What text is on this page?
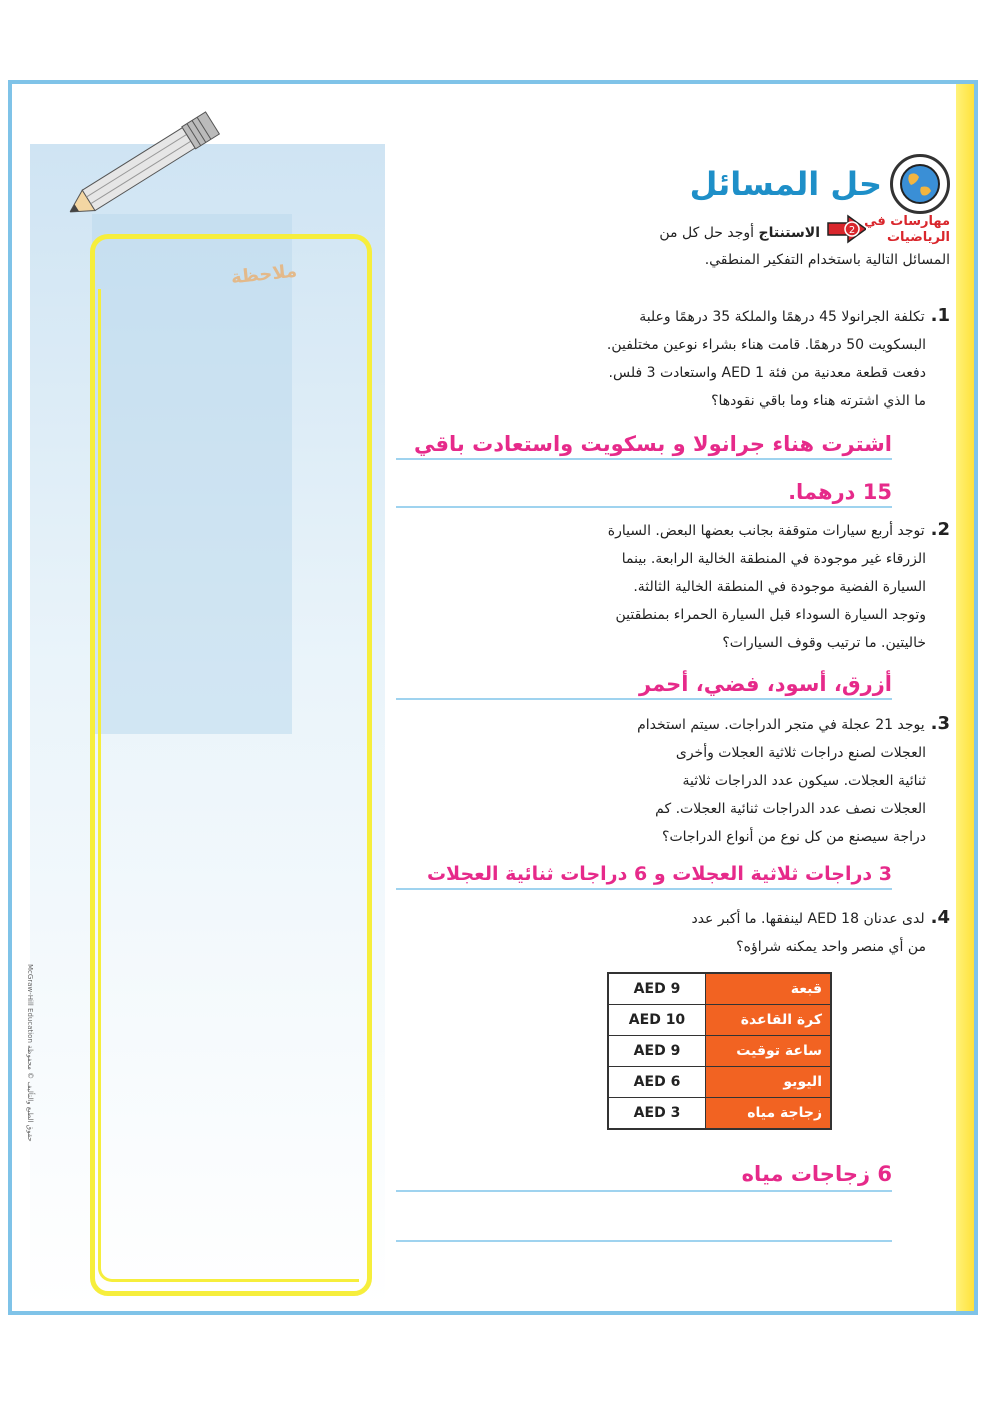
ملاحظة
McGraw-Hill Education حقوق الطبع والتأليف © محفوظة
حل المسائل
مهارسات في الرياضيات
2
الاستنتاج أوجد حل كل من
المسائل التالية باستخدام التفكير المنطقي.
1.تكلفة الجرانولا 45 درهمًا والملكة 35 درهمًا وعلبة
البسكويت 50 درهمًا. قامت هناء بشراء نوعين مختلفين.
دفعت قطعة معدنية من فئة AED 1 واستعادت 3 فلس.
ما الذي اشترته هناء وما باقي نقودها؟
اشترت هناء جرانولا و بسكويت واستعادت باقي
15 درهما.
2.توجد أربع سيارات متوقفة بجانب بعضها البعض. السيارة
الزرقاء غير موجودة في المنطقة الخالية الرابعة. بينما
السيارة الفضية موجودة في المنطقة الخالية الثالثة.
وتوجد السيارة السوداء قبل السيارة الحمراء بمنطقتين
خاليتين. ما ترتيب وقوف السيارات؟
أزرق، أسود، فضي، أحمر
3.يوجد 21 عجلة في متجر الدراجات. سيتم استخدام
العجلات لصنع دراجات ثلاثية العجلات وأخرى
ثنائية العجلات. سيكون عدد الدراجات ثلاثية
العجلات نصف عدد الدراجات ثنائية العجلات. كم
دراجة سيصنع من كل نوع من أنواع الدراجات؟
3 دراجات ثلاثية العجلات و 6 دراجات ثنائية العجلات
4.لدى عدنان AED 18 لينفقها. ما أكبر عدد
من أي منصر واحد يمكنه شراؤه؟
قبعة	AED 9
كرة القاعدة	AED 10
ساعة توقيت	AED 9
اليويو	AED 6
زجاجة مياه	AED 3
6 زجاجات مياه
